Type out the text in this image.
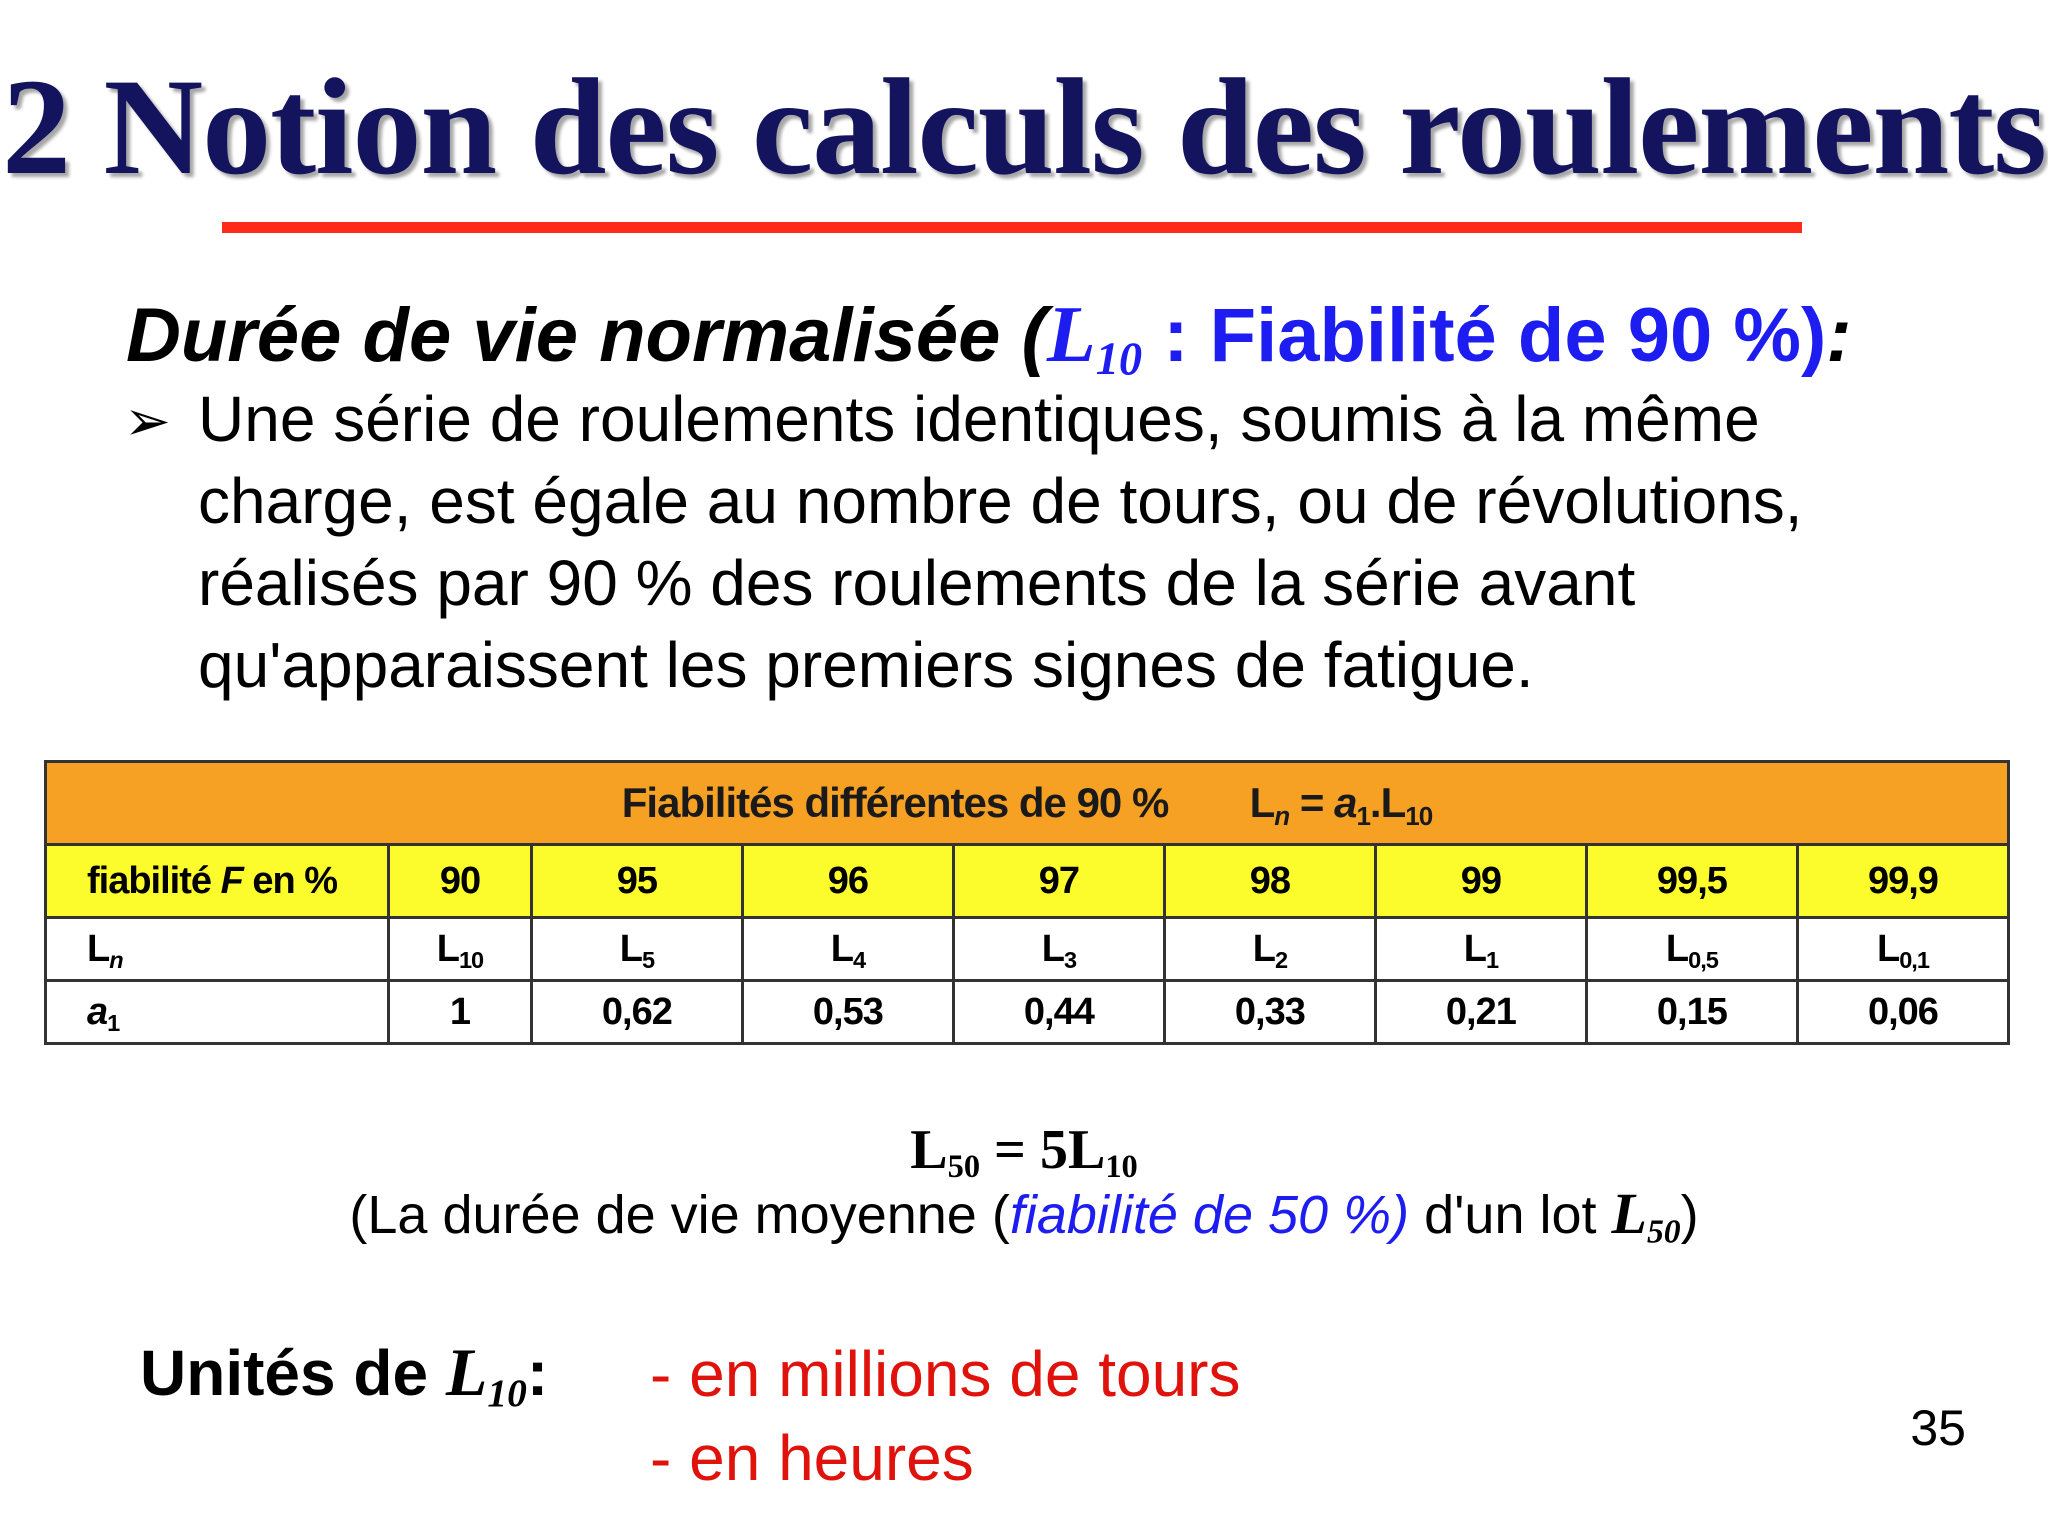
2 Notion des calculs des roulements
Durée de vie normalisée ($L_{10}$ : Fiabilité de 90 %):
➢ Une série de roulements identiques, soumis à la même charge, est égale au nombre de tours, ou de révolutions, réalisés par 90 % des roulements de la série avant qu'apparaissent les premiers signes de fatigue.
Fiabilités différentes de 90 % $L_n = a_1.L_{10}$
fiabilité F en %	90	95	96	97	98	99	99,5	99,9
$L_n$	$L_{10}$	$L_5$	$L_4$	$L_3$	$L_2$	$L_1$	$L_{0,5}$	$L_{0,1}$
$a_1$	1	0,62	0,53	0,44	0,33	0,21	0,15	0,06
$L_{50} = 5L_{10}$
(La durée de vie moyenne (fiabilité de 50 %) d'un lot $L_{50}$)
Unités de $L_{10}$: - en millions de tours
- en heures	35
